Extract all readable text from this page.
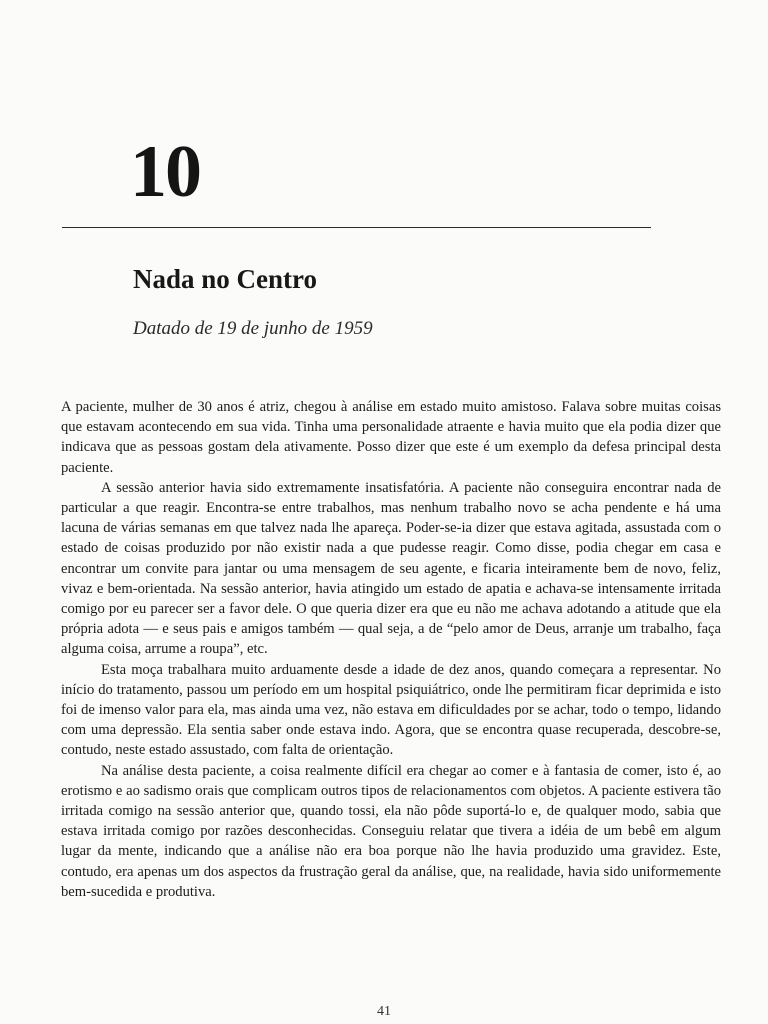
10
Nada no Centro
Datado de 19 de junho de 1959

A paciente, mulher de 30 anos é atriz, chegou à análise em estado muito amistoso. Falava sobre muitas coisas que estavam acontecendo em sua vida. Tinha uma personalidade atraente e havia muito que ela podia dizer que indicava que as pessoas gostam dela ativamente. Posso dizer que este é um exemplo da defesa principal desta paciente.

A sessão anterior havia sido extremamente insatisfatória. A paciente não conseguira encontrar nada de particular a que reagir. Encontra-se entre trabalhos, mas nenhum trabalho novo se acha pendente e há uma lacuna de várias semanas em que talvez nada lhe apareça. Poder-se-ia dizer que estava agitada, assustada com o estado de coisas produzido por não existir nada a que pudesse reagir. Como disse, podia chegar em casa e encontrar um convite para jantar ou uma mensagem de seu agente, e ficaria inteiramente bem de novo, feliz, vivaz e bem-orientada. Na sessão anterior, havia atingido um estado de apatia e achava-se intensamente irritada comigo por eu parecer ser a favor dele. O que queria dizer era que eu não me achava adotando a atitude que ela própria adota — e seus pais e amigos também — qual seja, a de “pelo amor de Deus, arranje um trabalho, faça alguma coisa, arrume a roupa”, etc.

Esta moça trabalhara muito arduamente desde a idade de dez anos, quando começara a representar. No início do tratamento, passou um período em um hospital psiquiátrico, onde lhe permitiram ficar deprimida e isto foi de imenso valor para ela, mas ainda uma vez, não estava em dificuldades por se achar, todo o tempo, lidando com uma depressão. Ela sentia saber onde estava indo. Agora, que se encontra quase recuperada, descobre-se, contudo, neste estado assustado, com falta de orientação.

Na análise desta paciente, a coisa realmente difícil era chegar ao comer e à fantasia de comer, isto é, ao erotismo e ao sadismo orais que complicam outros tipos de relacionamentos com objetos. A paciente estivera tão irritada comigo na sessão anterior que, quando tossi, ela não pôde suportá-lo e, de qualquer modo, sabia que estava irritada comigo por razões desconhecidas. Conseguiu relatar que tivera a idéia de um bebê em algum lugar da mente, indicando que a análise não era boa porque não lhe havia produzido uma gravidez. Este, contudo, era apenas um dos aspectos da frustração geral da análise, que, na realidade, havia sido uniformemente bem-sucedida e produtiva.

41
